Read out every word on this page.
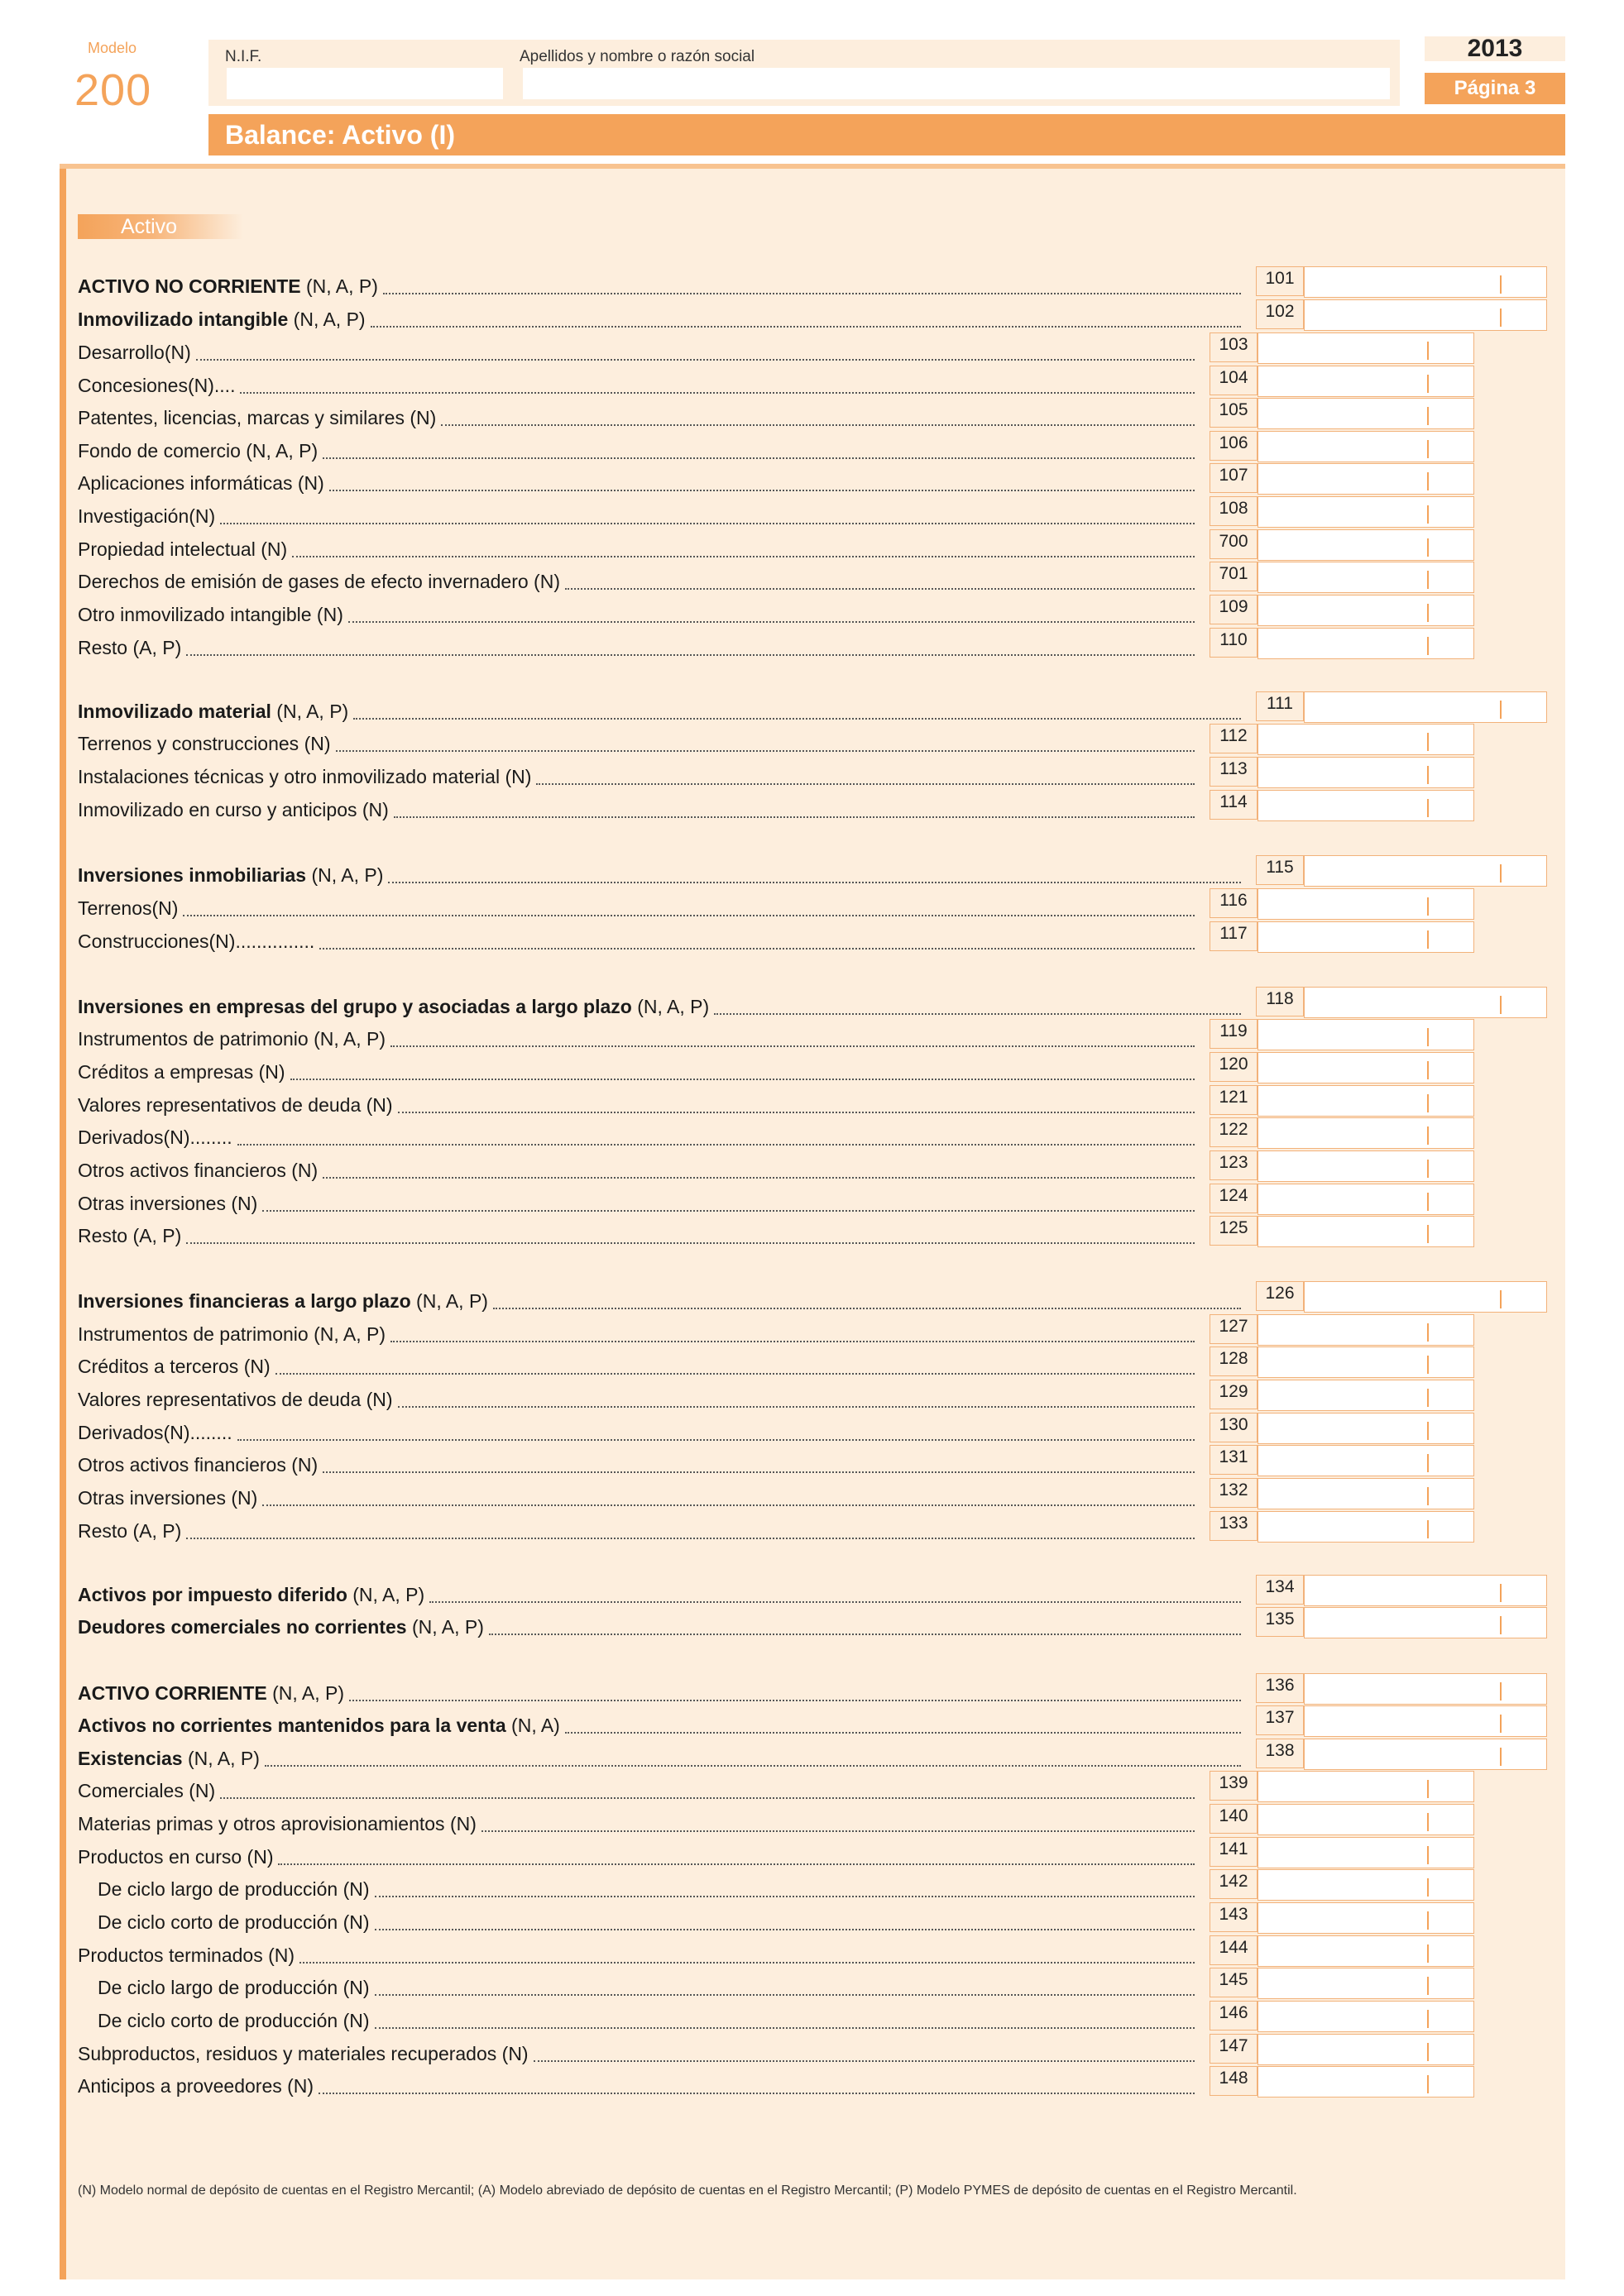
Modelo
200
N.I.F.	Apellidos y nombre o razón social	2013
Página 3
Balance: Activo (I)
Activo
ACTIVO NO CORRIENTE (N, A, P)	101
Inmovilizado intangible (N, A, P)	102
Desarrollo(N)	103
Concesiones(N)....	104
Patentes, licencias, marcas y similares (N)	105
Fondo de comercio (N, A, P)	106
Aplicaciones informáticas (N)	107
Investigación(N)	108
Propiedad intelectual (N)	700
Derechos de emisión de gases de efecto invernadero (N)	701
Otro inmovilizado intangible (N)	109
Resto (A, P)	110
Inmovilizado material (N, A, P)	111
Terrenos y construcciones (N)	112
Instalaciones técnicas y otro inmovilizado material (N)	113
Inmovilizado en curso y anticipos (N)	114
Inversiones inmobiliarias (N, A, P)	115
Terrenos(N)	116
Construcciones(N)...............	117
Inversiones en empresas del grupo y asociadas a largo plazo (N, A, P)	118
Instrumentos de patrimonio (N, A, P)	119
Créditos a empresas (N)	120
Valores representativos de deuda (N)	121
Derivados(N)........	122
Otros activos financieros (N)	123
Otras inversiones (N)	124
Resto (A, P)	125
Inversiones financieras a largo plazo (N, A, P)	126
Instrumentos de patrimonio (N, A, P)	127
Créditos a terceros (N)	128
Valores representativos de deuda (N)	129
Derivados(N)........	130
Otros activos financieros (N)	131
Otras inversiones (N)	132
Resto (A, P)	133
Activos por impuesto diferido (N, A, P)	134
Deudores comerciales no corrientes (N, A, P)	135
ACTIVO CORRIENTE (N, A, P)	136
Activos no corrientes mantenidos para la venta (N, A)	137
Existencias (N, A, P)	138
Comerciales (N)	139
Materias primas y otros aprovisionamientos (N)	140
Productos en curso (N)	141
De ciclo largo de producción (N)	142
De ciclo corto de producción (N)	143
Productos terminados (N)	144
De ciclo largo de producción (N)	145
De ciclo corto de producción (N)	146
Subproductos, residuos y materiales recuperados (N)	147
Anticipos a proveedores (N)	148
(N) Modelo normal de depósito de cuentas en el Registro Mercantil; (A) Modelo abreviado de depósito de cuentas en el Registro Mercantil; (P) Modelo PYMES de depósito de cuentas en el Registro Mercantil.
